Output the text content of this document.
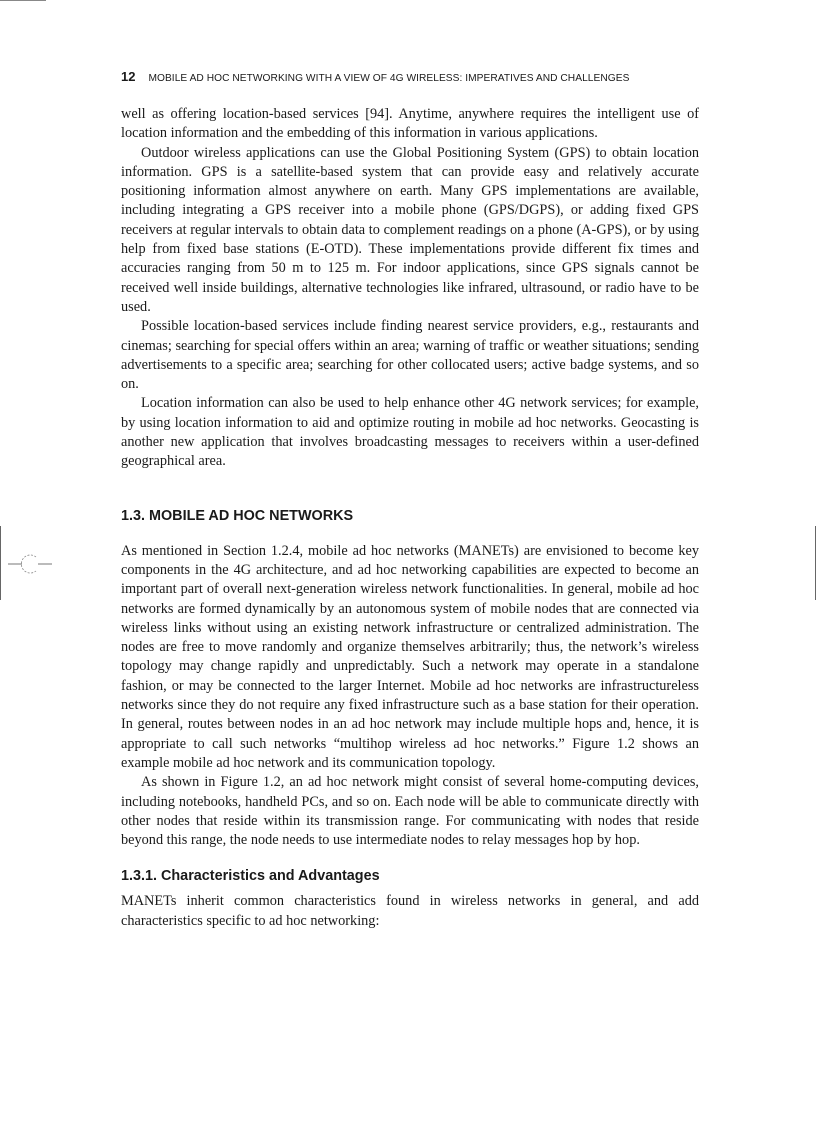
12 MOBILE AD HOC NETWORKING WITH A VIEW OF 4G WIRELESS: IMPERATIVES AND CHALLENGES

well as offering location-based services [94]. Anytime, anywhere requires the intelligent use of location information and the embedding of this information in various applications.

Outdoor wireless applications can use the Global Positioning System (GPS) to obtain location information. GPS is a satellite-based system that can provide easy and relatively accurate positioning information almost anywhere on earth. Many GPS implementations are available, including integrating a GPS receiver into a mobile phone (GPS/DGPS), or adding fixed GPS receivers at regular intervals to obtain data to complement readings on a phone (A-GPS), or by using help from fixed base stations (E-OTD). These implementations provide different fix times and accuracies ranging from 50 m to 125 m. For indoor applications, since GPS signals cannot be received well inside buildings, alternative technologies like infrared, ultrasound, or radio have to be used.

Possible location-based services include finding nearest service providers, e.g., restaurants and cinemas; searching for special offers within an area; warning of traffic or weather situations; sending advertisements to a specific area; searching for other collocated users; active badge systems, and so on.

Location information can also be used to help enhance other 4G network services; for example, by using location information to aid and optimize routing in mobile ad hoc networks. Geocasting is another new application that involves broadcasting messages to receivers within a user-defined geographical area.

1.3. MOBILE AD HOC NETWORKS

As mentioned in Section 1.2.4, mobile ad hoc networks (MANETs) are envisioned to become key components in the 4G architecture, and ad hoc networking capabilities are expected to become an important part of overall next-generation wireless network functionalities. In general, mobile ad hoc networks are formed dynamically by an autonomous system of mobile nodes that are connected via wireless links without using an existing network infrastructure or centralized administration. The nodes are free to move randomly and organize themselves arbitrarily; thus, the network’s wireless topology may change rapidly and unpredictably. Such a network may operate in a standalone fashion, or may be connected to the larger Internet. Mobile ad hoc networks are infrastructureless networks since they do not require any fixed infrastructure such as a base station for their operation. In general, routes between nodes in an ad hoc network may include multiple hops and, hence, it is appropriate to call such networks “multihop wireless ad hoc networks.” Figure 1.2 shows an example mobile ad hoc network and its communication topology.

As shown in Figure 1.2, an ad hoc network might consist of several home-computing devices, including notebooks, handheld PCs, and so on. Each node will be able to communicate directly with other nodes that reside within its transmission range. For communicating with nodes that reside beyond this range, the node needs to use intermediate nodes to relay messages hop by hop.

1.3.1. Characteristics and Advantages

MANETs inherit common characteristics found in wireless networks in general, and add characteristics specific to ad hoc networking:
